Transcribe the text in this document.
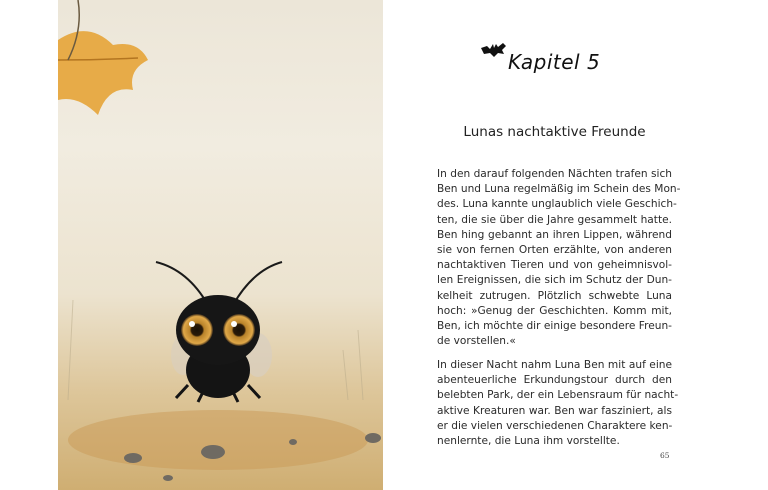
Kapitel 5
Lunas nachtaktive Freunde
In den darauf folgenden Nächten trafen sich
Ben und Luna regelmäßig im Schein des Mon-
des. Luna kannte unglaublich viele Geschich-
ten, die sie über die Jahre gesammelt hatte.
Ben hing gebannt an ihren Lippen, während
sie von fernen Orten erzählte, von anderen
nachtaktiven Tieren und von geheimnisvol-
len Ereignissen, die sich im Schutz der Dun-
kelheit zutrugen. Plötzlich schwebte Luna
hoch: »Genug der Geschichten. Komm mit,
Ben, ich möchte dir einige besondere Freun-
de vorstellen.«
In dieser Nacht nahm Luna Ben mit auf eine
abenteuerliche Erkundungstour durch den
belebten Park, der ein Lebensraum für nacht-
aktive Kreaturen war. Ben war fasziniert, als
er die vielen verschiedenen Charaktere ken-
nenlernte, die Luna ihm vorstellte.
65
